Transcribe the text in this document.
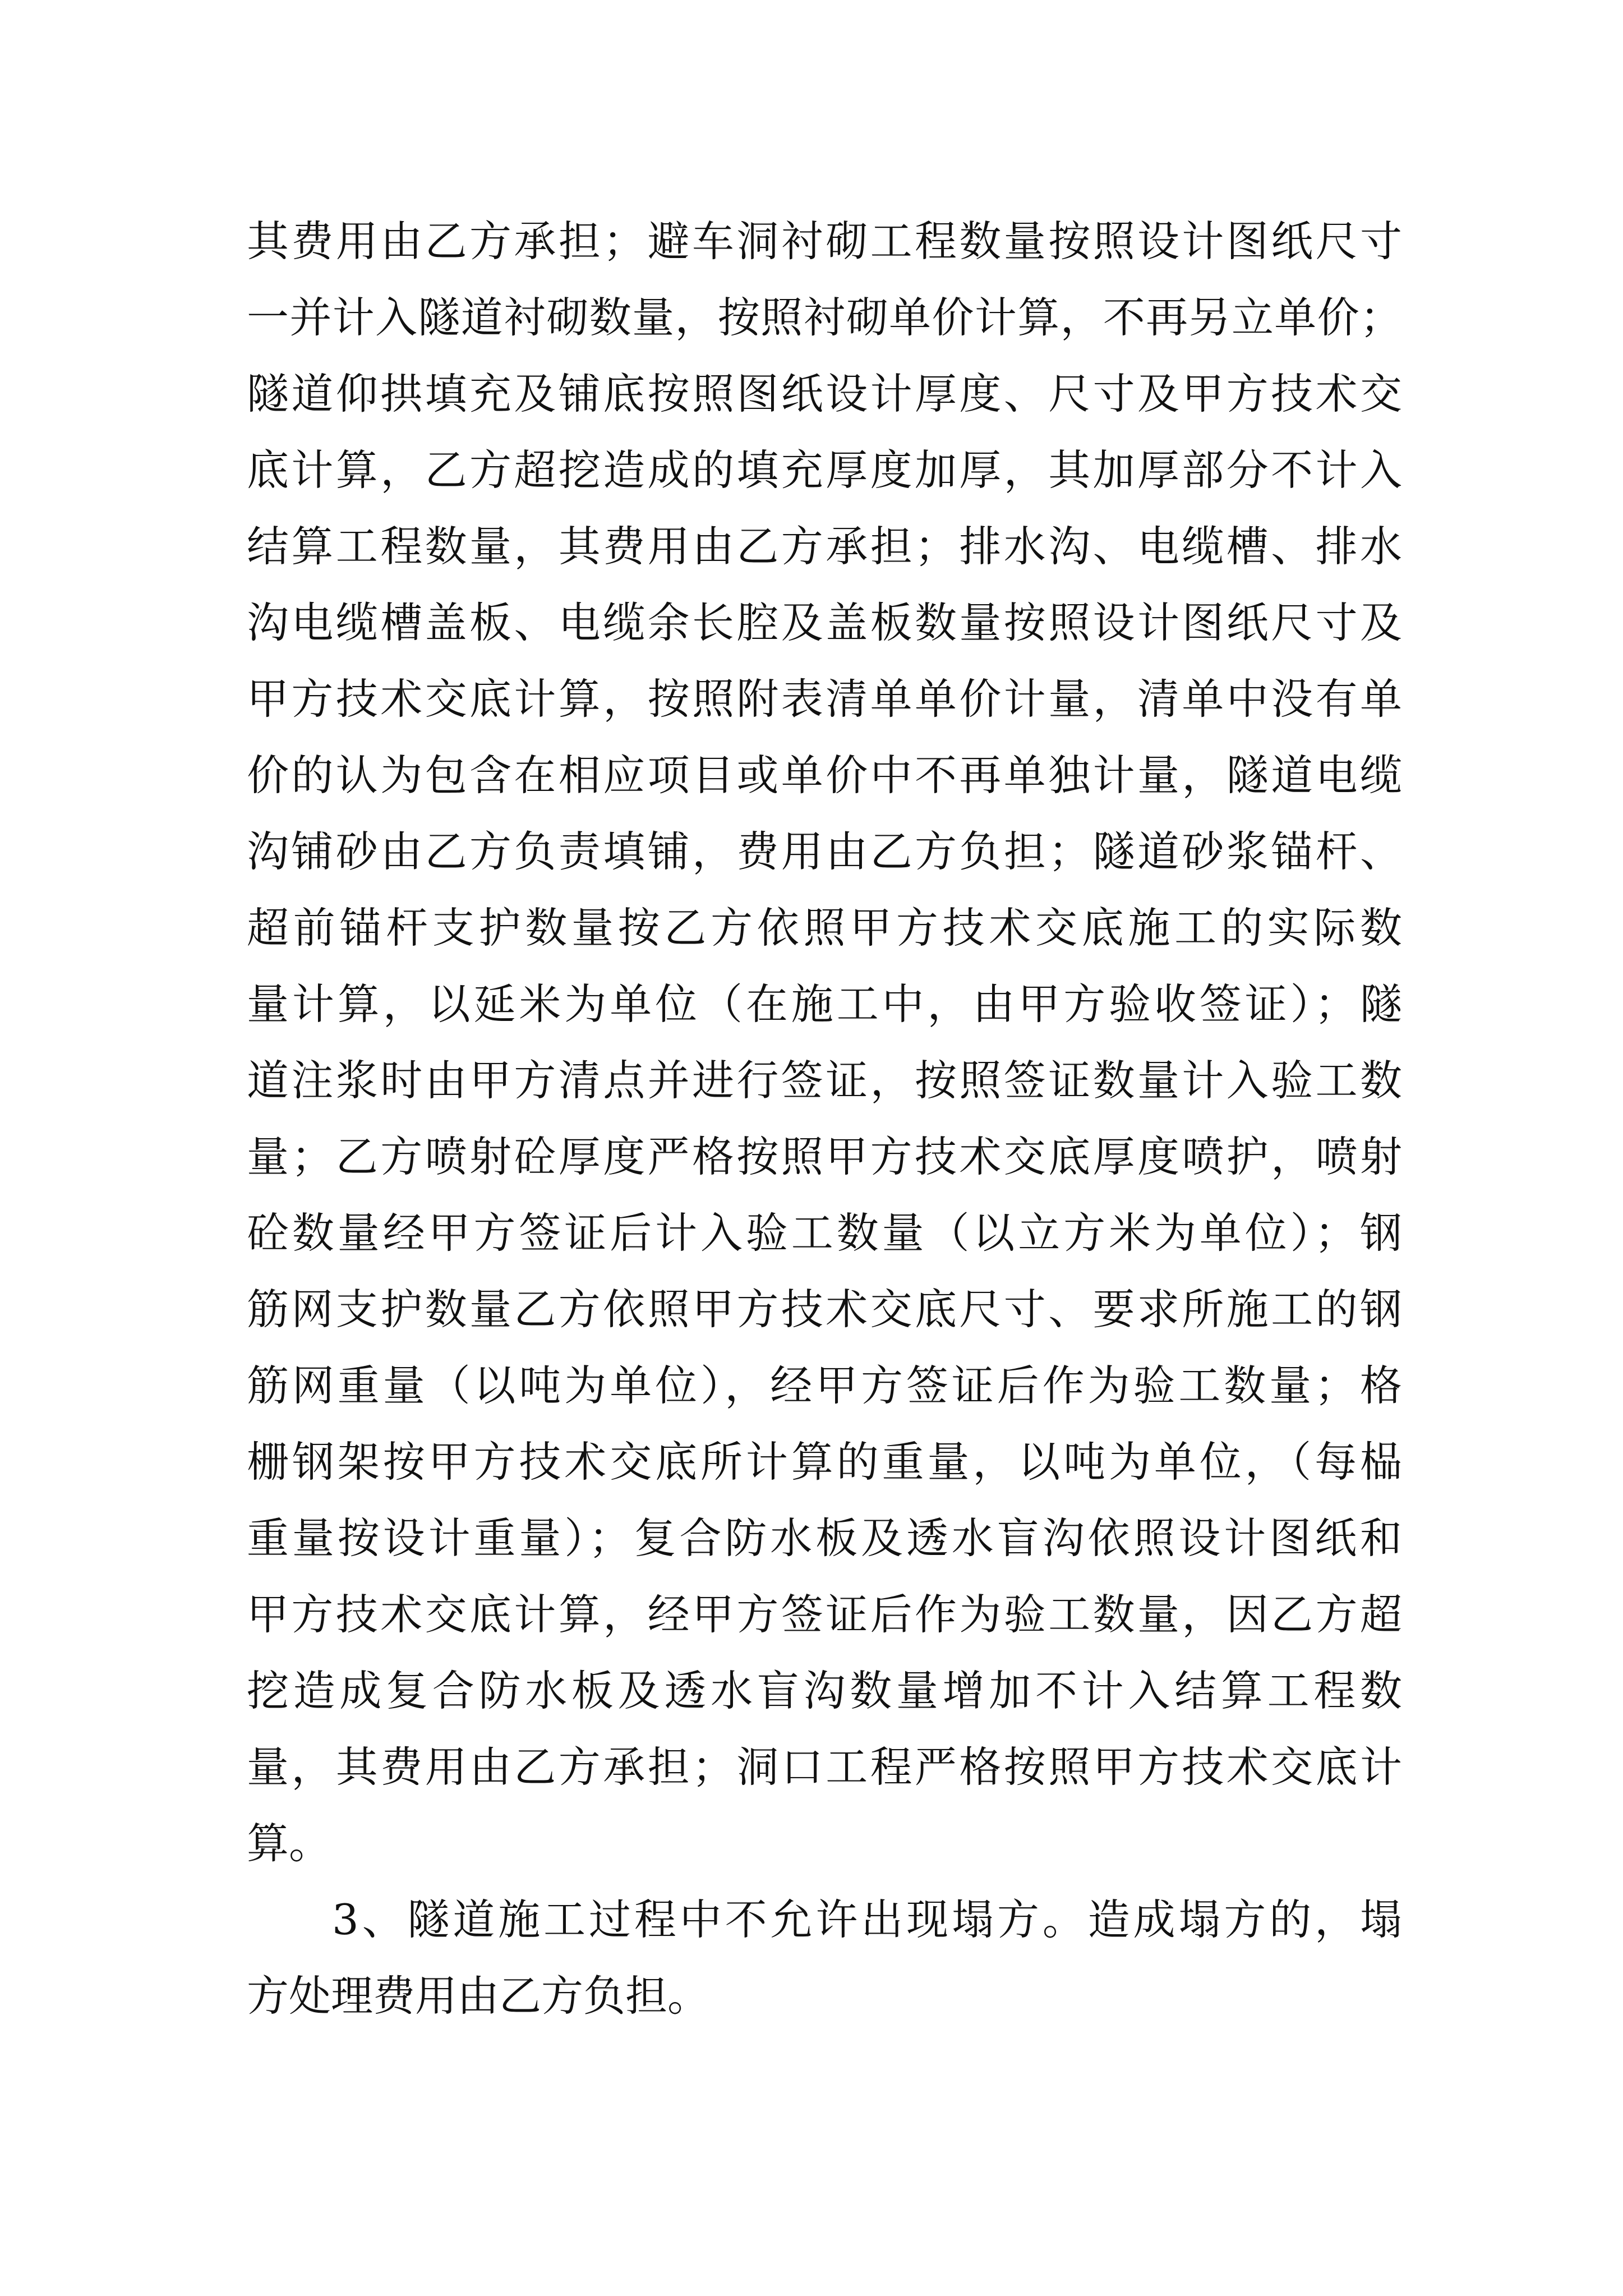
其费用由乙方承担；避车洞衬砌工程数量按照设计图纸尺寸
一并计入隧道衬砌数量，按照衬砌单价计算，不再另立单价；
隧道仰拱填充及铺底按照图纸设计厚度、尺寸及甲方技术交
底计算，乙方超挖造成的填充厚度加厚，其加厚部分不计入
结算工程数量，其费用由乙方承担；排水沟、电缆槽、排水
沟电缆槽盖板、电缆余长腔及盖板数量按照设计图纸尺寸及
甲方技术交底计算，按照附表清单单价计量，清单中没有单
价的认为包含在相应项目或单价中不再单独计量，隧道电缆
沟铺砂由乙方负责填铺，费用由乙方负担；隧道砂浆锚杆、
超前锚杆支护数量按乙方依照甲方技术交底施工的实际数
量计算，以延米为单位（在施工中，由甲方验收签证）；隧
道注浆时由甲方清点并进行签证，按照签证数量计入验工数
量；乙方喷射砼厚度严格按照甲方技术交底厚度喷护，喷射
砼数量经甲方签证后计入验工数量（以立方米为单位）；钢
筋网支护数量乙方依照甲方技术交底尺寸、要求所施工的钢
筋网重量（以吨为单位），经甲方签证后作为验工数量；格
栅钢架按甲方技术交底所计算的重量，以吨为单位，（每榀
重量按设计重量）；复合防水板及透水盲沟依照设计图纸和
甲方技术交底计算，经甲方签证后作为验工数量，因乙方超
挖造成复合防水板及透水盲沟数量增加不计入结算工程数
量，其费用由乙方承担；洞口工程严格按照甲方技术交底计
算。
3、隧道施工过程中不允许出现塌方。造成塌方的，塌
方处理费用由乙方负担。
